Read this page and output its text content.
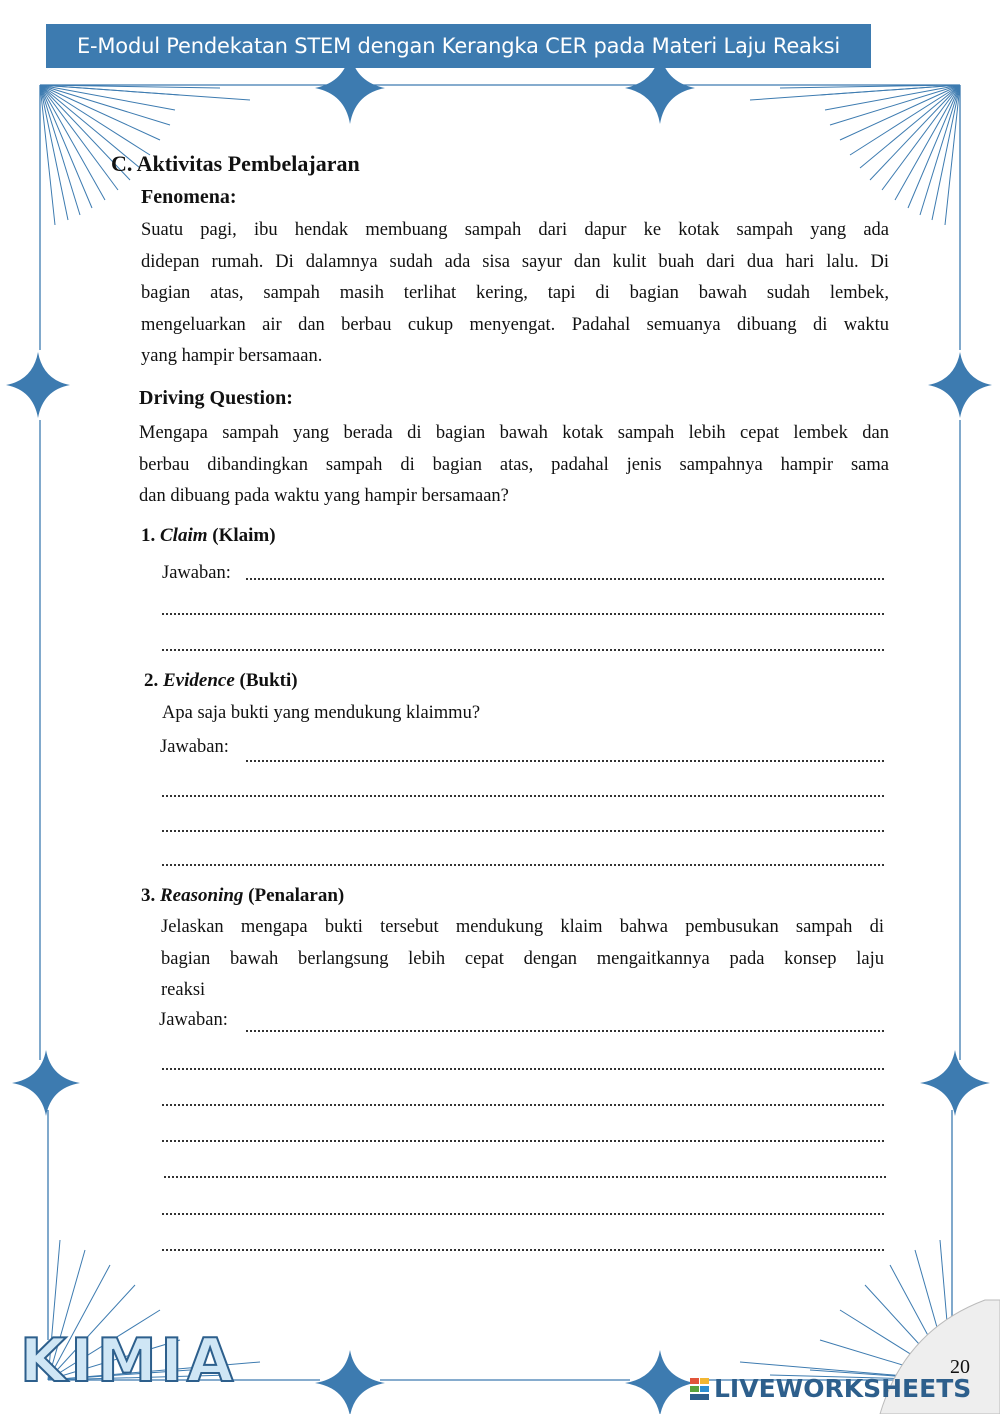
E-Modul Pendekatan STEM dengan Kerangka CER pada Materi Laju Reaksi
C. Aktivitas Pembelajaran
Fenomena:
Suatu pagi, ibu hendak membuang sampah dari dapur ke kotak sampah yang ada
didepan rumah. Di dalamnya sudah ada sisa sayur dan kulit buah dari dua hari lalu. Di
bagian atas, sampah masih terlihat kering, tapi di bagian bawah sudah lembek,
mengeluarkan air dan berbau cukup menyengat. Padahal semuanya dibuang di waktu
yang hampir bersamaan.
Driving Question:
Mengapa sampah yang berada di bagian bawah kotak sampah lebih cepat lembek dan
berbau dibandingkan sampah di bagian atas, padahal jenis sampahnya hampir sama
dan dibuang pada waktu yang hampir bersamaan?
1. Claim (Klaim)
Jawaban:
2. Evidence (Bukti)
Apa saja bukti yang mendukung klaimmu?
Jawaban:
3. Reasoning (Penalaran)
Jelaskan mengapa bukti tersebut mendukung klaim bahwa pembusukan sampah di
bagian bawah berlangsung lebih cepat dengan mengaitkannya pada konsep laju
reaksi
Jawaban:
KIMIA	20
LIVEWORKSHEETS
